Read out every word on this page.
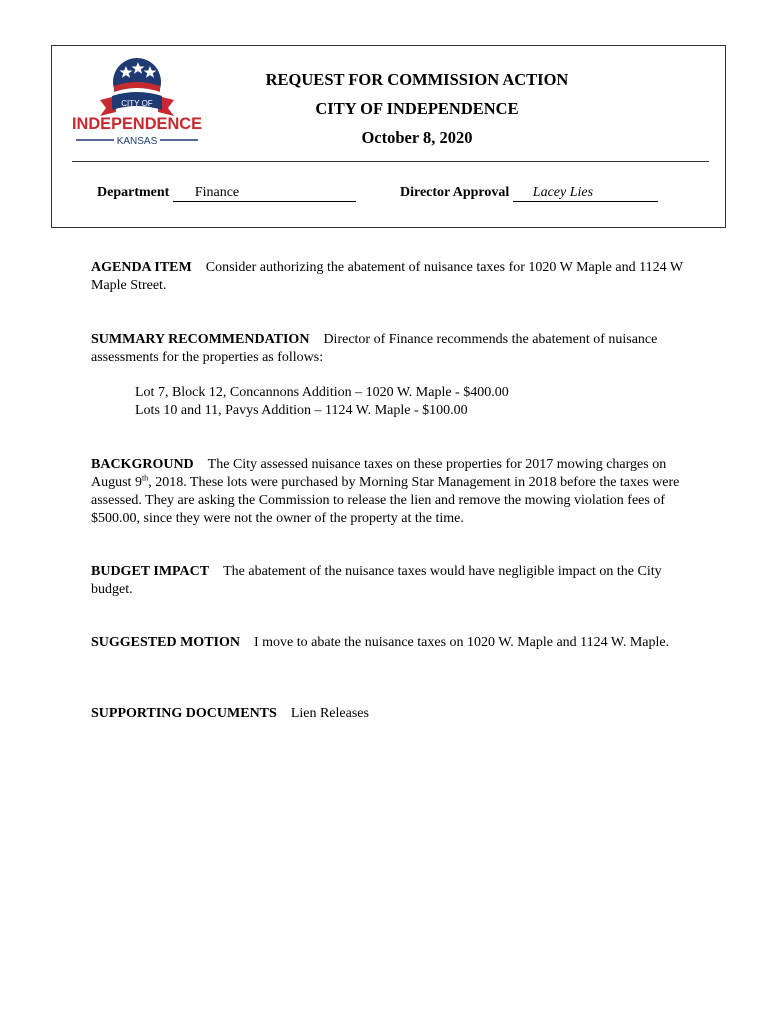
CITY OF
INDEPENDENCE
KANSAS
REQUEST FOR COMMISSION ACTION
CITY OF INDEPENDENCE
October 8, 2020
Department Finance	Director Approval Lacey Lies
AGENDA ITEM Consider authorizing the abatement of nuisance taxes for 1020 W Maple and 1124 W Maple Street.
SUMMARY RECOMMENDATION Director of Finance recommends the abatement of nuisance assessments for the properties as follows:
Lot 7, Block 12, Concannons Addition – 1020 W. Maple - $400.00
Lots 10 and 11, Pavys Addition – 1124 W. Maple - $100.00
BACKGROUND The City assessed nuisance taxes on these properties for 2017 mowing charges on August 9th, 2018. These lots were purchased by Morning Star Management in 2018 before the taxes were assessed. They are asking the Commission to release the lien and remove the mowing violation fees of $500.00, since they were not the owner of the property at the time.
BUDGET IMPACT The abatement of the nuisance taxes would have negligible impact on the City budget.
SUGGESTED MOTION I move to abate the nuisance taxes on 1020 W. Maple and 1124 W. Maple.
SUPPORTING DOCUMENTS Lien Releases
